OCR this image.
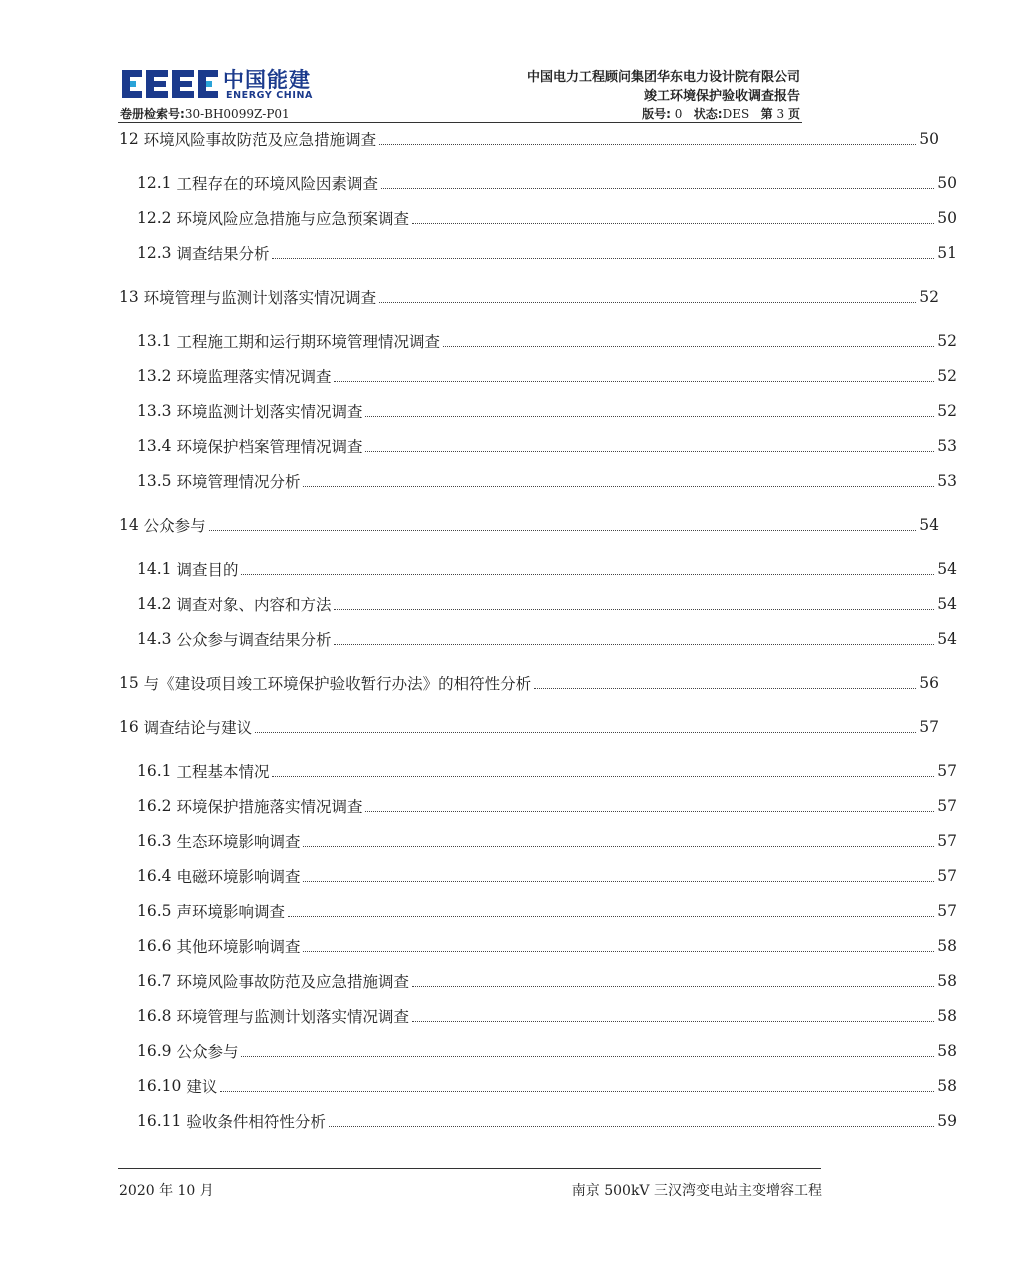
中国能建
ENERGY CHINA
中国电力工程顾问集团华东电力设计院有限公司
竣工环境保护验收调查报告
卷册检索号:30-BH0099Z-P01	版号: 0 状态:DES 第 3 页
12 环境风险事故防范及应急措施调查	50
12.1 工程存在的环境风险因素调查	50
12.2 环境风险应急措施与应急预案调查	50
12.3 调查结果分析	51
13 环境管理与监测计划落实情况调查	52
13.1 工程施工期和运行期环境管理情况调查	52
13.2 环境监理落实情况调查	52
13.3 环境监测计划落实情况调查	52
13.4 环境保护档案管理情况调查	53
13.5 环境管理情况分析	53
14 公众参与	54
14.1 调查目的	54
14.2 调查对象、内容和方法	54
14.3 公众参与调查结果分析	54
15 与《建设项目竣工环境保护验收暂行办法》的相符性分析	56
16 调查结论与建议	57
16.1 工程基本情况	57
16.2 环境保护措施落实情况调查	57
16.3 生态环境影响调查	57
16.4 电磁环境影响调查	57
16.5 声环境影响调查	57
16.6 其他环境影响调查	58
16.7 环境风险事故防范及应急措施调查	58
16.8 环境管理与监测计划落实情况调查	58
16.9 公众参与	58
16.10 建议	58
16.11 验收条件相符性分析	59
2020 年 10 月	南京 500kV 三汉湾变电站主变增容工程
